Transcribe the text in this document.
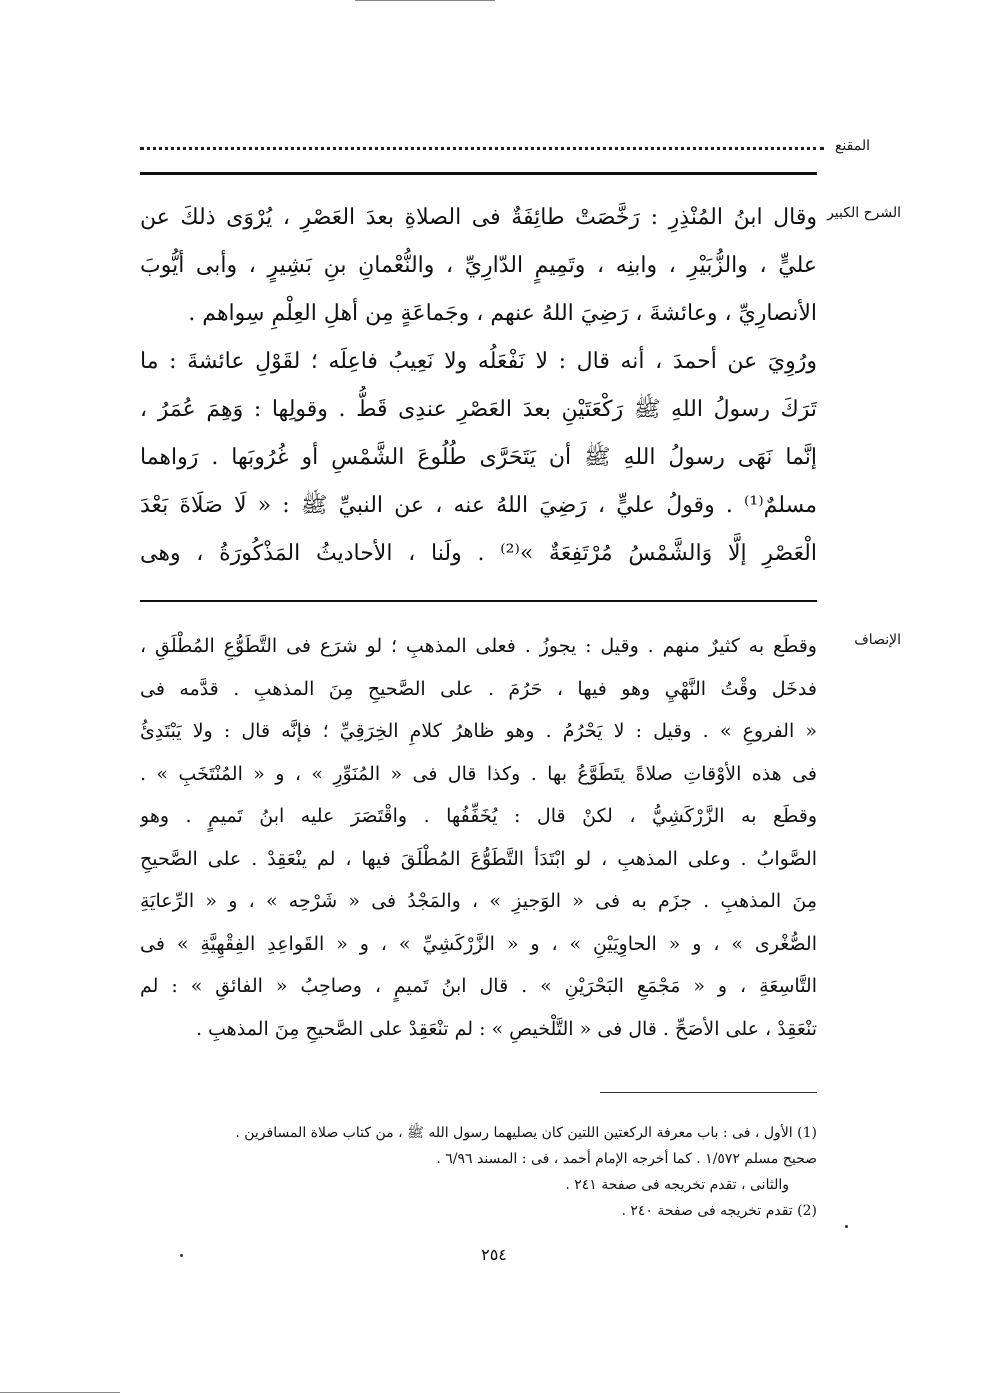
المقنع
الشرح الكبير
وقال ابنُ المُنْذِرِ : رَخَّصَتْ طائِفَةٌ فى الصلاةِ بعدَ العَصْرِ ، يُرْوَى ذلكَ عن
عليٍّ ، والزُّبَيْرِ ، وابنِه ، وتَمِيمٍ الدّارِيِّ ، والنُّعْمانِ بنِ بَشِيرٍ ، وأبى أيُّوبَ
الأنصارِيِّ ، وعائشةَ ، رَضِيَ اللهُ عنهم ، وجَماعَةٍ مِن أهلِ العِلْمِ سِواهم .
ورُوِيَ عن أحمدَ ، أنه قال : لا نَفْعَلُه ولا نَعِيبُ فاعِلَه ؛ لقَوْلِ عائشةَ : ما
تَرَكَ رسولُ اللهِ ﷺ رَكْعَتَيْنِ بعدَ العَصْرِ عندِى قَطُّ . وقولِها : وَهِمَ عُمَرُ ،
إنَّما نَهَى رسولُ اللهِ ﷺ أن يَتَحَرَّى طُلُوعَ الشَّمْسِ أو غُرُوبَها . رَواهما
مسلمٌ⁽¹⁾ . وقولُ عليٍّ ، رَضِيَ اللهُ عنه ، عن النبيِّ ﷺ : « لَا صَلَاةَ بَعْدَ
الْعَصْرِ إلَّا وَالشَّمْسُ مُرْتَفِعَةٌ »⁽²⁾ . ولَنا ، الأحاديثُ المَذْكُورَةُ ، وهى
الإنصاف
وقطَع به كثيرٌ منهم . وقيل : يجوزُ . فعلى المذهبِ ؛ لو شرَع فى التَّطَوُّعِ المُطْلَقِ ،
فدخَل وقْتُ النَّهْيِ وهو فيها ، حَرُمَ . على الصَّحيحِ مِنَ المذهبِ . قدَّمه فى
« الفروعِ » . وقيل : لا يَحْرُمُ . وهو ظاهرُ كلامِ الخِرَقِيِّ ؛ فإنَّه قال : ولا يَبْتَدِئُ
فى هذه الأوْقاتِ صلاةً يتَطَوَّعُ بها . وكذا قال فى « المُنَوِّرِ » ، و « المُنْتَخَبِ » .
وقطَع به الزَّرْكَشِيُّ ، لكنْ قال : يُخَفِّفُها . واقْتَصَرَ عليه ابنُ تَميمٍ . وهو
الصَّوابُ . وعلى المذهبِ ، لو ابْتَدَأ التَّطَوُّعَ المُطْلَقَ فيها ، لم ينْعَقِدْ . على الصَّحيحِ
مِنَ المذهبِ . جزَم به فى « الوَجيزِ » ، والمَجْدُ فى « شَرْحِه » ، و « الرِّعايَةِ
الصُّغْرى » ، و « الحاوِيَيْنِ » ، و « الزَّرْكَشِيِّ » ، و « القَواعِدِ الفِقْهِيَّةِ » فى
التَّاسِعَةِ ، و « مَجْمَعِ البَحْرَيْنِ » . قال ابنُ تَميمٍ ، وصاحِبُ « الفائقِ » : لم
تنْعَقِدْ ، على الأصَحِّ . قال فى « التَّلْخيصِ » : لم تنْعَقِدْ على الصَّحيحِ مِنَ المذهبِ .
(1) الأول ، فى : باب معرفة الركعتين اللتين كان يصليهما رسول الله ﷺ ، من كتاب صلاة المسافرين .
صحيح مسلم ١/٥٧٢ . كما أخرجه الإمام أحمد ، فى : المسند ٦/٩٦ .
والثانى ، تقدم تخريجه فى صفحة ٢٤١ .
(2) تقدم تخريجه فى صفحة ٢٤٠ .
٢٥٤
